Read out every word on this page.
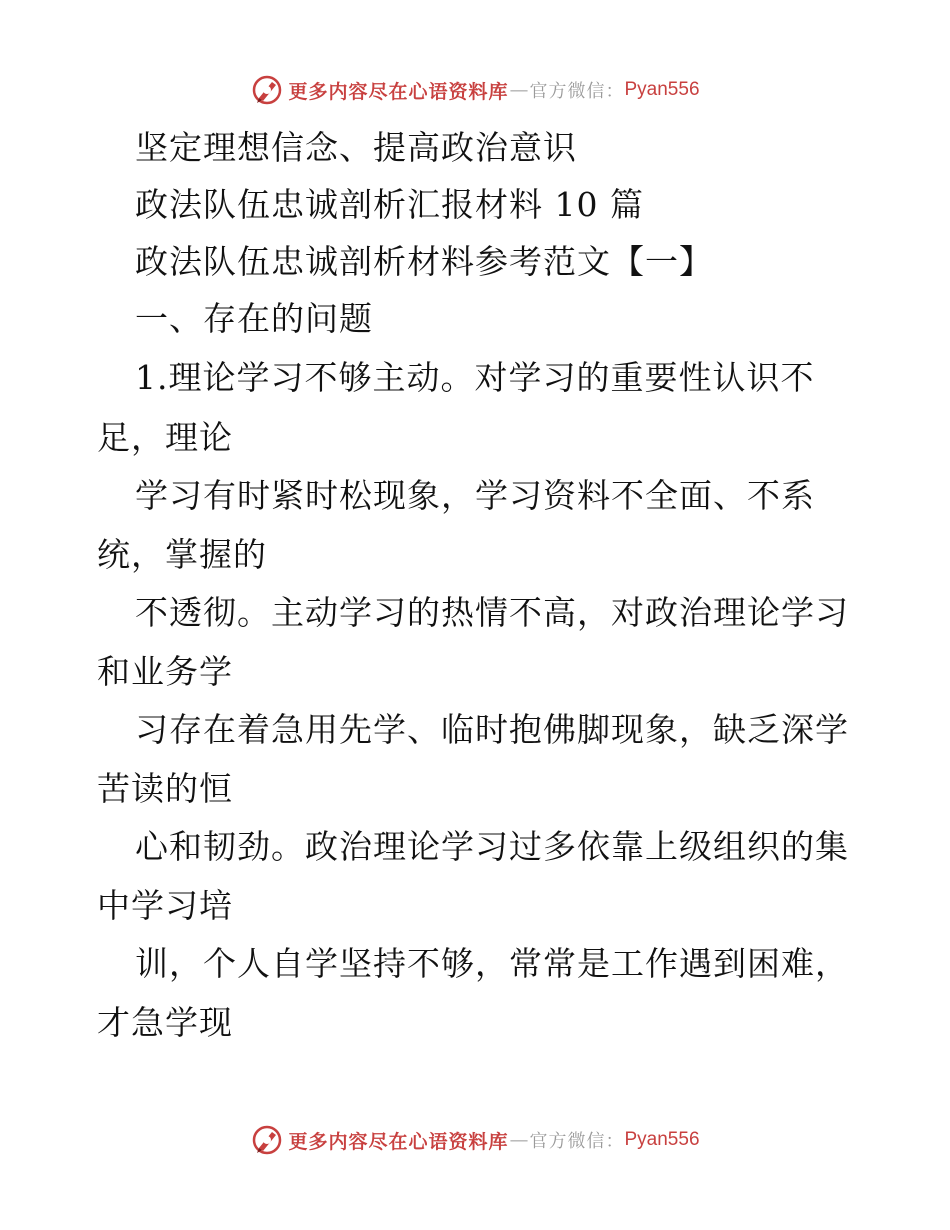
更多内容尽在心语资料库 — 官方微信： Pyan556
坚定理想信念、提高政治意识
政法队伍忠诚剖析汇报材料 10 篇
政法队伍忠诚剖析材料参考范文【一】
一、存在的问题
1.理论学习不够主动。对学习的重要性认识不
足，理论
学习有时紧时松现象，学习资料不全面、不系
统，掌握的
不透彻。主动学习的热情不高，对政治理论学习
和业务学
习存在着急用先学、临时抱佛脚现象，缺乏深学
苦读的恒
心和韧劲。政治理论学习过多依靠上级组织的集
中学习培
训，个人自学坚持不够，常常是工作遇到困难，
才急学现
更多内容尽在心语资料库 — 官方微信： Pyan556
